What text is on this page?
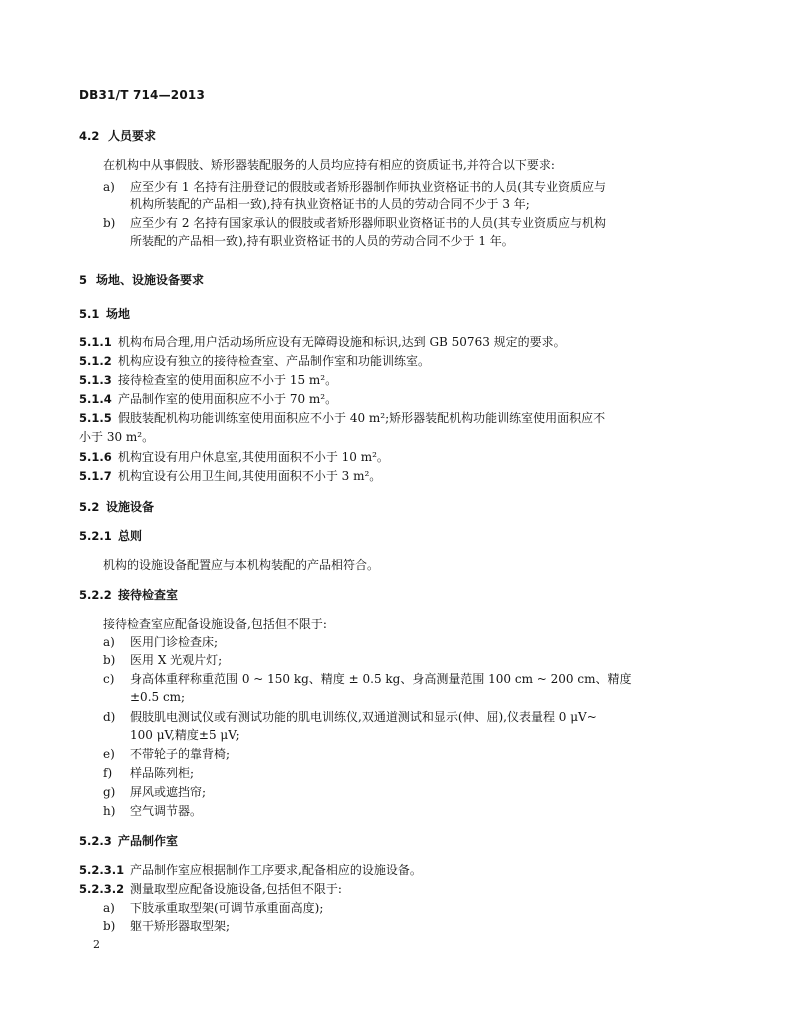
DB31/T 714—2013
4.2 人员要求
在机构中从事假肢、矫形器装配服务的人员均应持有相应的资质证书,并符合以下要求:
a) 应至少有 1 名持有注册登记的假肢或者矫形器制作师执业资格证书的人员(其专业资质应与
机构所装配的产品相一致),持有执业资格证书的人员的劳动合同不少于 3 年;
b) 应至少有 2 名持有国家承认的假肢或者矫形器师职业资格证书的人员(其专业资质应与机构
所装配的产品相一致),持有职业资格证书的人员的劳动合同不少于 1 年。
5 场地、设施设备要求
5.1 场地
5.1.1 机构布局合理,用户活动场所应设有无障碍设施和标识,达到 GB 50763 规定的要求。
5.1.2 机构应设有独立的接待检查室、产品制作室和功能训练室。
5.1.3 接待检查室的使用面积应不小于 15 m²。
5.1.4 产品制作室的使用面积应不小于 70 m²。
5.1.5 假肢装配机构功能训练室使用面积应不小于 40 m²;矫形器装配机构功能训练室使用面积应不
小于 30 m²。
5.1.6 机构宜设有用户休息室,其使用面积不小于 10 m²。
5.1.7 机构宜设有公用卫生间,其使用面积不小于 3 m²。
5.2 设施设备
5.2.1 总则
机构的设施设备配置应与本机构装配的产品相符合。
5.2.2 接待检查室
接待检查室应配备设施设备,包括但不限于:
a) 医用门诊检查床;
b) 医用 X 光观片灯;
c) 身高体重秤称重范围 0 ~ 150 kg、精度 ± 0.5 kg、身高测量范围 100 cm ~ 200 cm、精度
±0.5 cm;
d) 假肢肌电测试仪或有测试功能的肌电训练仪,双通道测试和显示(伸、屈),仪表量程 0 μV~
100 μV,精度±5 μV;
e) 不带轮子的靠背椅;
f) 样品陈列柜;
g) 屏风或遮挡帘;
h) 空气调节器。
5.2.3 产品制作室
5.2.3.1 产品制作室应根据制作工序要求,配备相应的设施设备。
5.2.3.2 测量取型应配备设施设备,包括但不限于:
a) 下肢承重取型架(可调节承重面高度);
b) 躯干矫形器取型架;
2
